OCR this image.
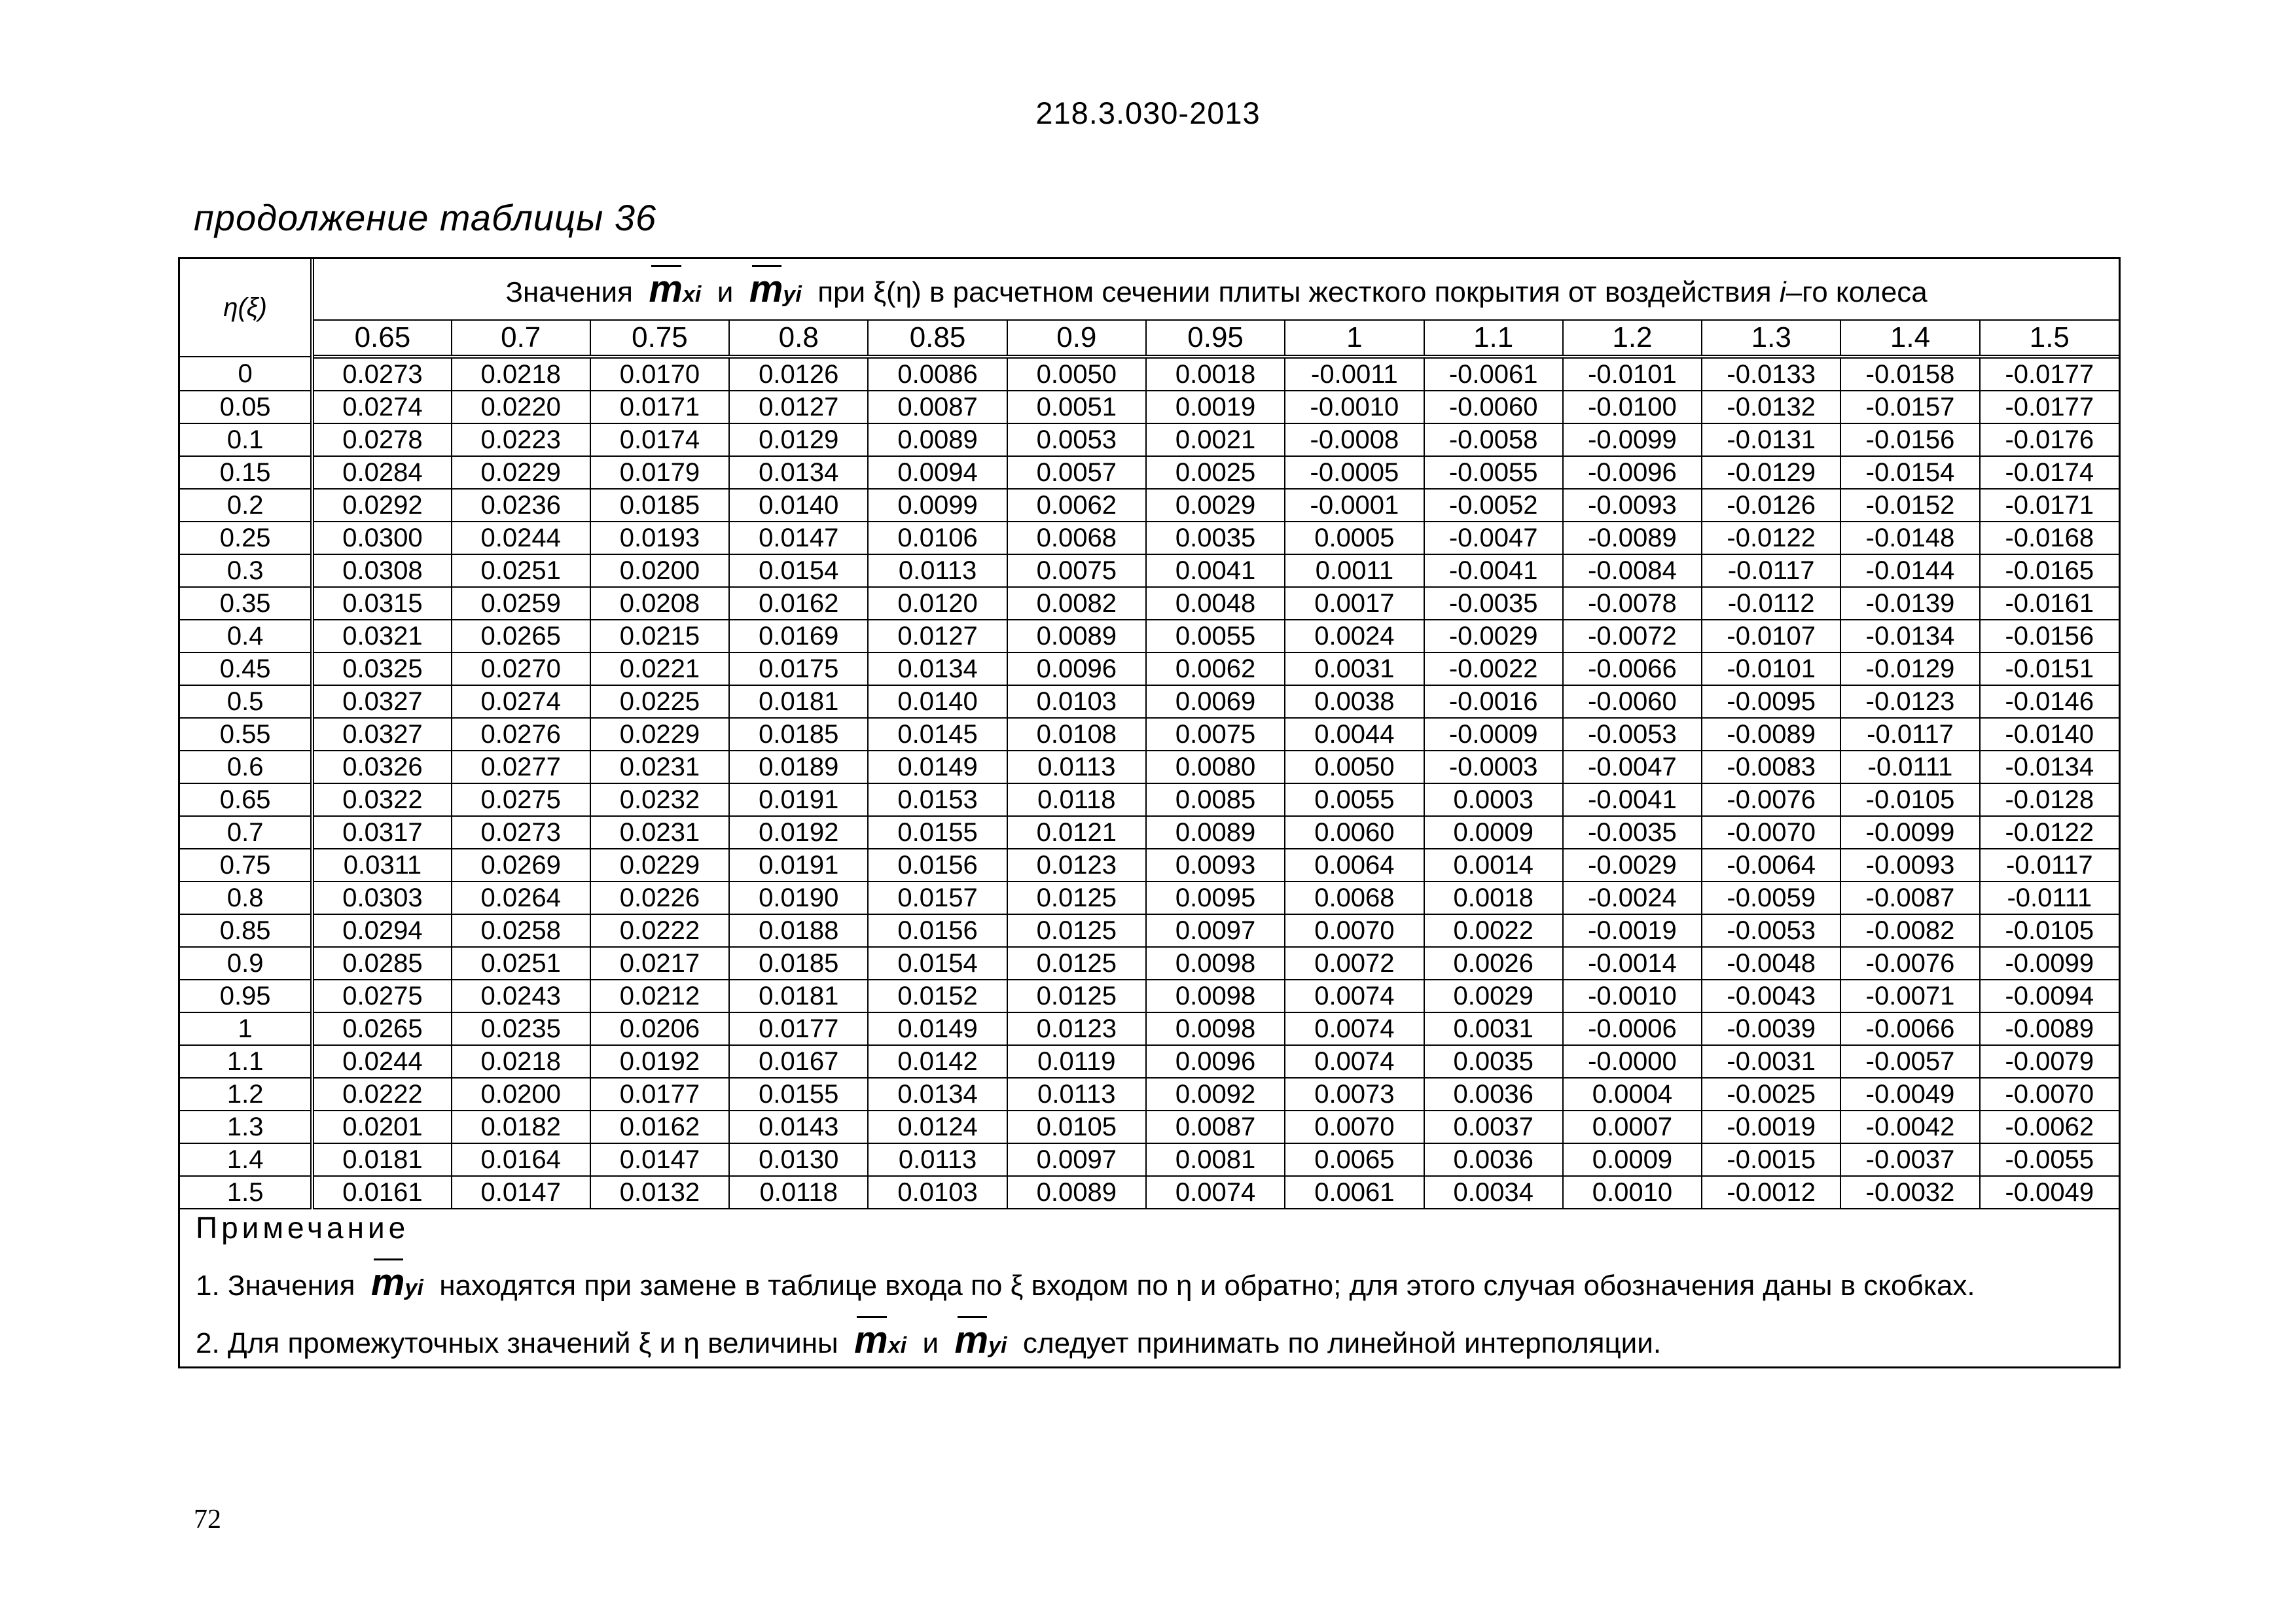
218.3.030-2013
продолжение таблицы 36
η(ξ)	Значения mxi и myi при ξ(η) в расчетном сечении плиты жесткого покрытия от воздействия i–го колеса												
	0.65	0.7	0.75	0.8	0.85	0.9	0.95	1	1.1	1.2	1.3	1.4	1.5
0	0.0273	0.0218	0.0170	0.0126	0.0086	0.0050	0.0018	-0.0011	-0.0061	-0.0101	-0.0133	-0.0158	-0.0177
0.05	0.0274	0.0220	0.0171	0.0127	0.0087	0.0051	0.0019	-0.0010	-0.0060	-0.0100	-0.0132	-0.0157	-0.0177
0.1	0.0278	0.0223	0.0174	0.0129	0.0089	0.0053	0.0021	-0.0008	-0.0058	-0.0099	-0.0131	-0.0156	-0.0176
0.15	0.0284	0.0229	0.0179	0.0134	0.0094	0.0057	0.0025	-0.0005	-0.0055	-0.0096	-0.0129	-0.0154	-0.0174
0.2	0.0292	0.0236	0.0185	0.0140	0.0099	0.0062	0.0029	-0.0001	-0.0052	-0.0093	-0.0126	-0.0152	-0.0171
0.25	0.0300	0.0244	0.0193	0.0147	0.0106	0.0068	0.0035	0.0005	-0.0047	-0.0089	-0.0122	-0.0148	-0.0168
0.3	0.0308	0.0251	0.0200	0.0154	0.0113	0.0075	0.0041	0.0011	-0.0041	-0.0084	-0.0117	-0.0144	-0.0165
0.35	0.0315	0.0259	0.0208	0.0162	0.0120	0.0082	0.0048	0.0017	-0.0035	-0.0078	-0.0112	-0.0139	-0.0161
0.4	0.0321	0.0265	0.0215	0.0169	0.0127	0.0089	0.0055	0.0024	-0.0029	-0.0072	-0.0107	-0.0134	-0.0156
0.45	0.0325	0.0270	0.0221	0.0175	0.0134	0.0096	0.0062	0.0031	-0.0022	-0.0066	-0.0101	-0.0129	-0.0151
0.5	0.0327	0.0274	0.0225	0.0181	0.0140	0.0103	0.0069	0.0038	-0.0016	-0.0060	-0.0095	-0.0123	-0.0146
0.55	0.0327	0.0276	0.0229	0.0185	0.0145	0.0108	0.0075	0.0044	-0.0009	-0.0053	-0.0089	-0.0117	-0.0140
0.6	0.0326	0.0277	0.0231	0.0189	0.0149	0.0113	0.0080	0.0050	-0.0003	-0.0047	-0.0083	-0.0111	-0.0134
0.65	0.0322	0.0275	0.0232	0.0191	0.0153	0.0118	0.0085	0.0055	0.0003	-0.0041	-0.0076	-0.0105	-0.0128
0.7	0.0317	0.0273	0.0231	0.0192	0.0155	0.0121	0.0089	0.0060	0.0009	-0.0035	-0.0070	-0.0099	-0.0122
0.75	0.0311	0.0269	0.0229	0.0191	0.0156	0.0123	0.0093	0.0064	0.0014	-0.0029	-0.0064	-0.0093	-0.0117
0.8	0.0303	0.0264	0.0226	0.0190	0.0157	0.0125	0.0095	0.0068	0.0018	-0.0024	-0.0059	-0.0087	-0.0111
0.85	0.0294	0.0258	0.0222	0.0188	0.0156	0.0125	0.0097	0.0070	0.0022	-0.0019	-0.0053	-0.0082	-0.0105
0.9	0.0285	0.0251	0.0217	0.0185	0.0154	0.0125	0.0098	0.0072	0.0026	-0.0014	-0.0048	-0.0076	-0.0099
0.95	0.0275	0.0243	0.0212	0.0181	0.0152	0.0125	0.0098	0.0074	0.0029	-0.0010	-0.0043	-0.0071	-0.0094
1	0.0265	0.0235	0.0206	0.0177	0.0149	0.0123	0.0098	0.0074	0.0031	-0.0006	-0.0039	-0.0066	-0.0089
1.1	0.0244	0.0218	0.0192	0.0167	0.0142	0.0119	0.0096	0.0074	0.0035	-0.0000	-0.0031	-0.0057	-0.0079
1.2	0.0222	0.0200	0.0177	0.0155	0.0134	0.0113	0.0092	0.0073	0.0036	0.0004	-0.0025	-0.0049	-0.0070
1.3	0.0201	0.0182	0.0162	0.0143	0.0124	0.0105	0.0087	0.0070	0.0037	0.0007	-0.0019	-0.0042	-0.0062
1.4	0.0181	0.0164	0.0147	0.0130	0.0113	0.0097	0.0081	0.0065	0.0036	0.0009	-0.0015	-0.0037	-0.0055
1.5	0.0161	0.0147	0.0132	0.0118	0.0103	0.0089	0.0074	0.0061	0.0034	0.0010	-0.0012	-0.0032	-0.0049
Примечание
1. Значения myi находятся при замене в таблице входа по ξ входом по η и обратно; для этого случая обозначения даны в скобках.
2. Для промежуточных значений ξ и η величины mxi и myi следует принимать по линейной интерполяции.
72
